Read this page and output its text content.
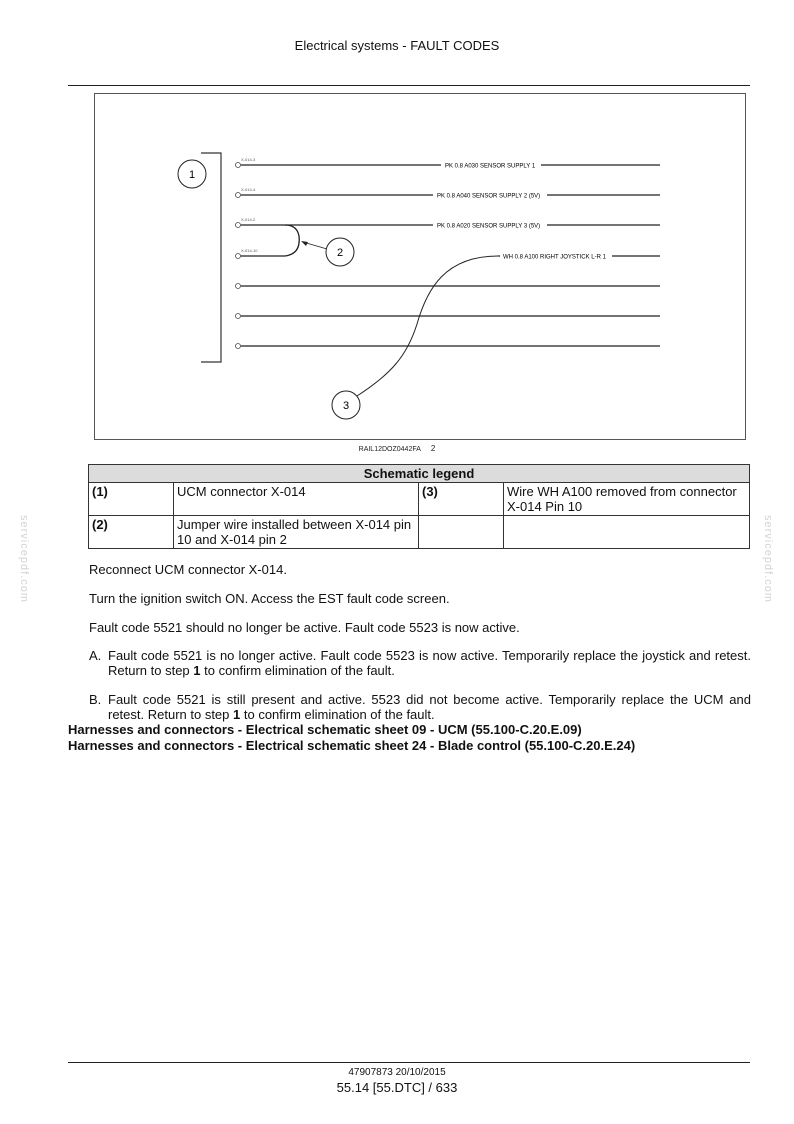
Electrical systems - FAULT CODES
servicepdf.com	servicepdf.com
PK 0.8 A030 SENSOR SUPPLY 1
X-014-3
PK 0.8 A040 SENSOR SUPPLY 2 (5V)
X-014-4
PK 0.8 A020 SENSOR SUPPLY 3 (5V)
X-014-2
WH 0.8 A100 RIGHT JOYSTICK L-R 1
X-014-10
1
2
3
RAIL12DOZ0442FA 2
Schematic legend			
(1)	UCM connector X-014	(3)	Wire WH A100 removed from connector X-014 Pin 10
(2)	Jumper wire installed between X-014 pin 10 and X-014 pin 2		
Reconnect UCM connector X-014.
Turn the ignition switch ON. Access the EST fault code screen.
Fault code 5521 should no longer be active. Fault code 5523 is now active.
A. Fault code 5521 is no longer active. Fault code 5523 is now active. Temporarily replace the joystick and retest. Return to step 1 to confirm elimination of the fault.
B. Fault code 5521 is still present and active. 5523 did not become active. Temporarily replace the UCM and retest. Return to step 1 to confirm elimination of the fault.
Harnesses and connectors - Electrical schematic sheet 09 - UCM (55.100-C.20.E.09)
Harnesses and connectors - Electrical schematic sheet 24 - Blade control (55.100-C.20.E.24)
47907873 20/10/2015
55.14 [55.DTC] / 633
